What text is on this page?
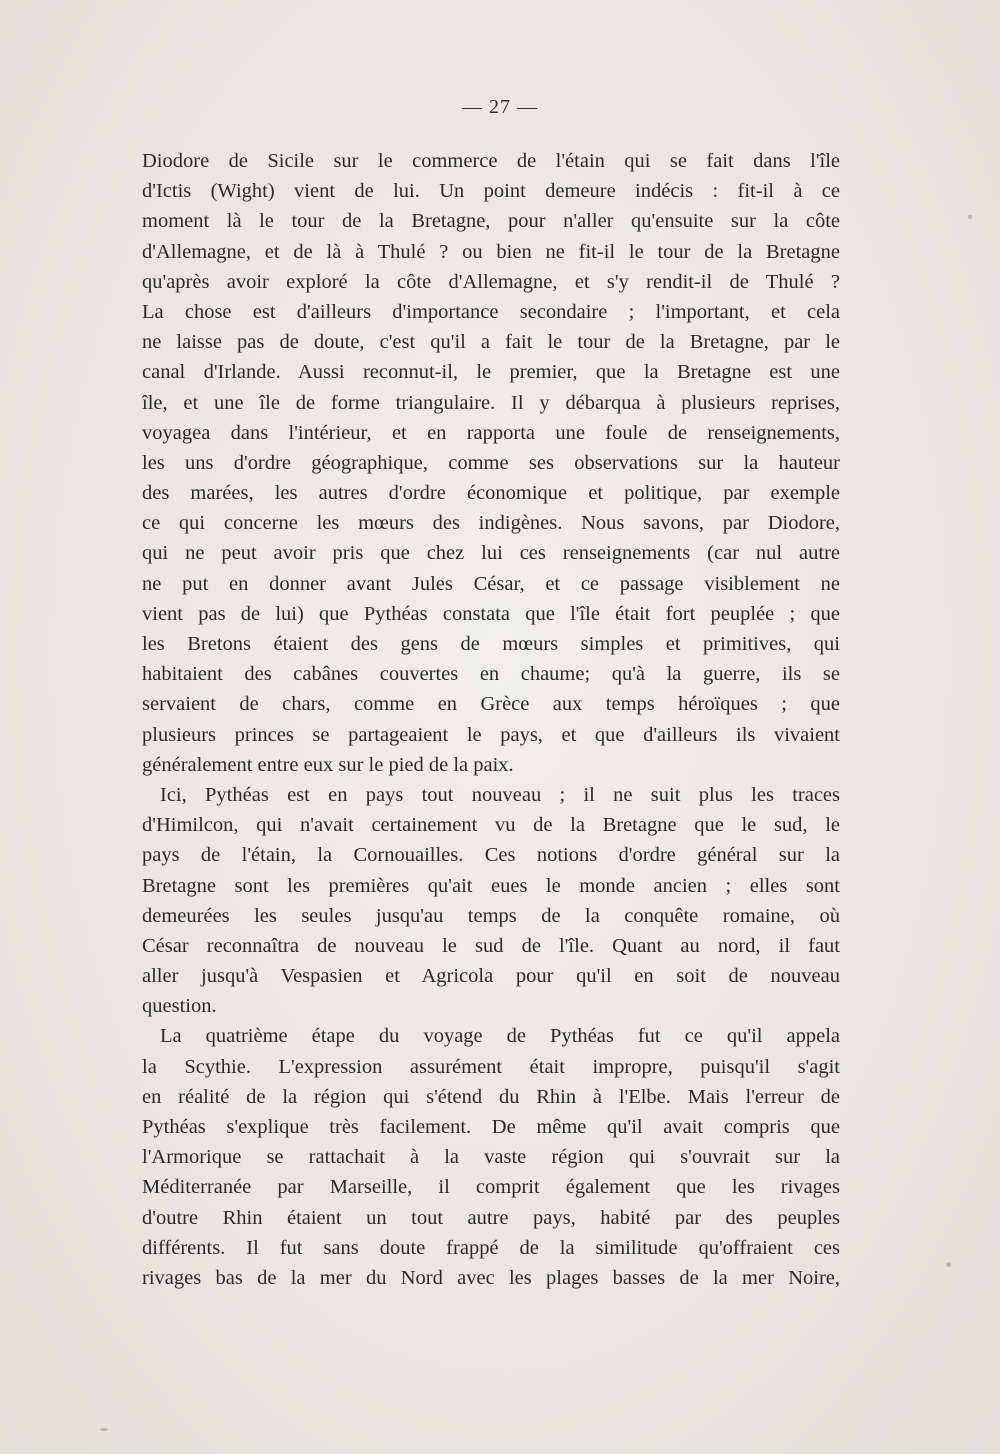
— 27 —
Diodore de Sicile sur le commerce de l'étain qui se fait dans l'île
d'Ictis (Wight) vient de lui. Un point demeure indécis : fit-il à ce
moment là le tour de la Bretagne, pour n'aller qu'ensuite sur la côte
d'Allemagne, et de là à Thulé ? ou bien ne fit-il le tour de la Bretagne
qu'après avoir exploré la côte d'Allemagne, et s'y rendit-il de Thulé ?
La chose est d'ailleurs d'importance secondaire ; l'important, et cela
ne laisse pas de doute, c'est qu'il a fait le tour de la Bretagne, par le
canal d'Irlande. Aussi reconnut-il, le premier, que la Bretagne est une
île, et une île de forme triangulaire. Il y débarqua à plusieurs reprises,
voyagea dans l'intérieur, et en rapporta une foule de renseignements,
les uns d'ordre géographique, comme ses observations sur la hauteur
des marées, les autres d'ordre économique et politique, par exemple
ce qui concerne les mœurs des indigènes. Nous savons, par Diodore,
qui ne peut avoir pris que chez lui ces renseignements (car nul autre
ne put en donner avant Jules César, et ce passage visiblement ne
vient pas de lui) que Pythéas constata que l'île était fort peuplée ; que
les Bretons étaient des gens de mœurs simples et primitives, qui
habitaient des cabânes couvertes en chaume; qu'à la guerre, ils se
servaient de chars, comme en Grèce aux temps héroïques ; que
plusieurs princes se partageaient le pays, et que d'ailleurs ils vivaient
généralement entre eux sur le pied de la paix.
Ici, Pythéas est en pays tout nouveau ; il ne suit plus les traces
d'Himilcon, qui n'avait certainement vu de la Bretagne que le sud, le
pays de l'étain, la Cornouailles. Ces notions d'ordre général sur la
Bretagne sont les premières qu'ait eues le monde ancien ; elles sont
demeurées les seules jusqu'au temps de la conquête romaine, où
César reconnaîtra de nouveau le sud de l'île. Quant au nord, il faut
aller jusqu'à Vespasien et Agricola pour qu'il en soit de nouveau
question.
La quatrième étape du voyage de Pythéas fut ce qu'il appela
la Scythie. L'expression assurément était impropre, puisqu'il s'agit
en réalité de la région qui s'étend du Rhin à l'Elbe. Mais l'erreur de
Pythéas s'explique très facilement. De même qu'il avait compris que
l'Armorique se rattachait à la vaste région qui s'ouvrait sur la
Méditerranée par Marseille, il comprit également que les rivages
d'outre Rhin étaient un tout autre pays, habité par des peuples
différents. Il fut sans doute frappé de la similitude qu'offraient ces
rivages bas de la mer du Nord avec les plages basses de la mer Noire,
